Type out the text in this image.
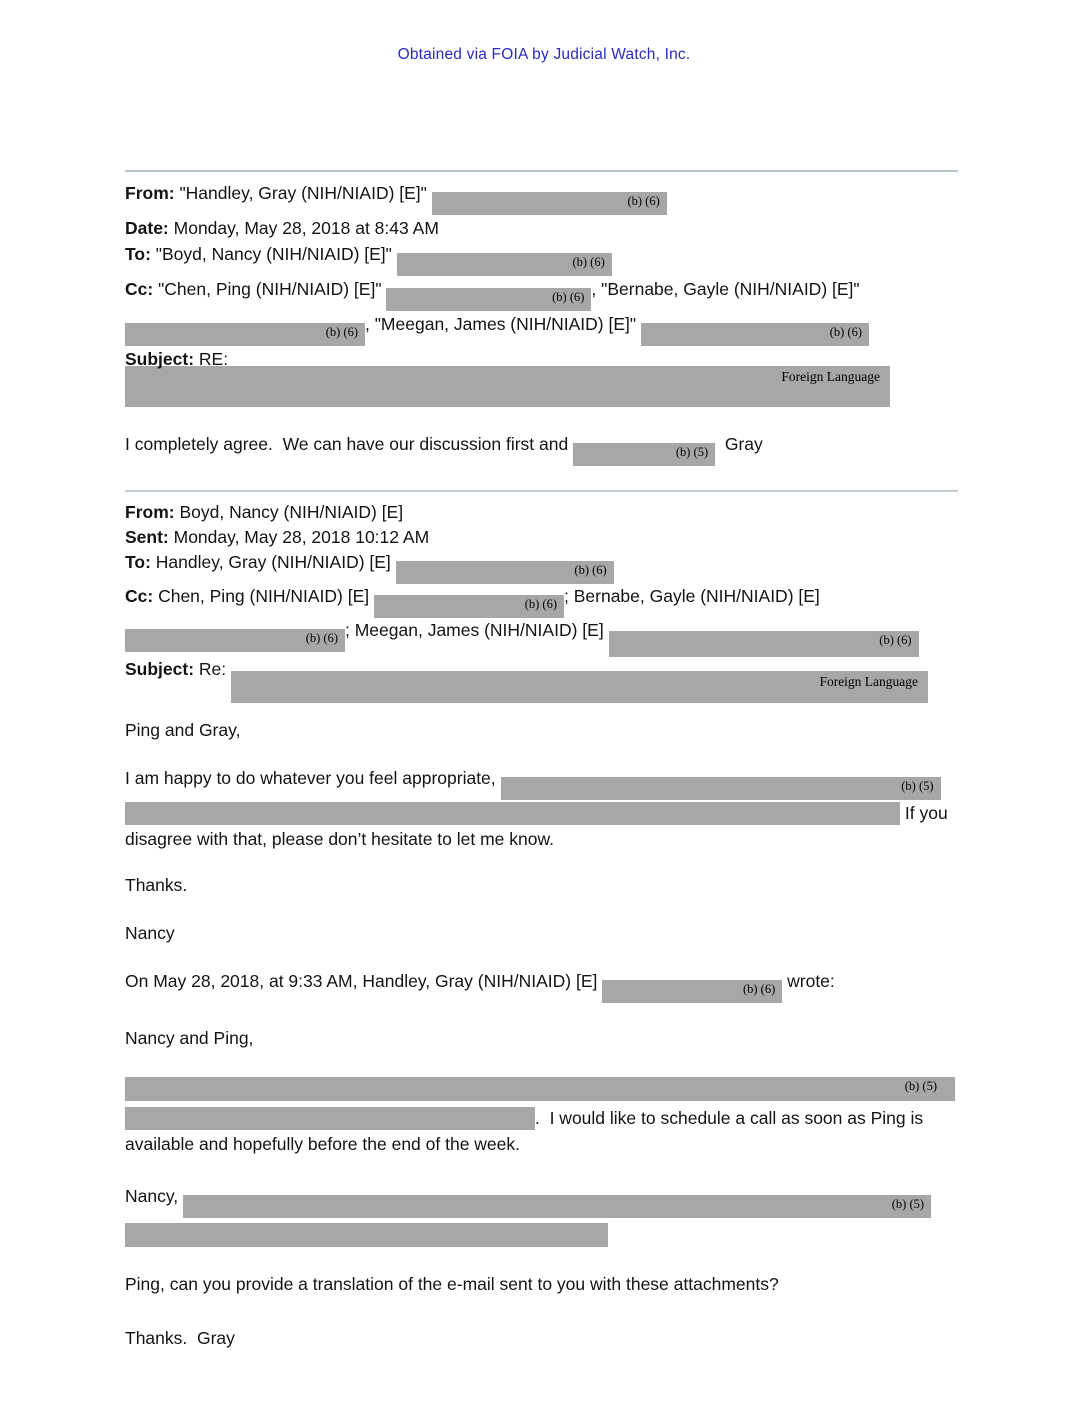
Obtained via FOIA by Judicial Watch, Inc.
From: "Handley, Gray (NIH/NIAID) [E]"	(b) (6)
Date: Monday, May 28, 2018 at 8:43 AM
To: "Boyd, Nancy (NIH/NIAID) [E]"	(b) (6)
Cc: "Chen, Ping (NIH/NIAID) [E]"	(b) (6) , "Bernabe, Gayle (NIH/NIAID) [E]"
(b) (6) , "Meegan, James (NIH/NIAID) [E]"	(b) (6)
Subject: RE:
Foreign Language
I completely agree.  We can have our discussion first and	(b) (5) Gray
From: Boyd, Nancy (NIH/NIAID) [E]
Sent: Monday, May 28, 2018 10:12 AM
To: Handley, Gray (NIH/NIAID) [E]	(b) (6)
Cc: Chen, Ping (NIH/NIAID) [E]	(b) (6) ; Bernabe, Gayle (NIH/NIAID) [E]
(b) (6) ; Meegan, James (NIH/NIAID) [E]	(b) (6)
Subject: Re:
Foreign Language
Ping and Gray,
I am happy to do whatever you feel appropriate,	(b) (5)

If you
disagree with that, please don’t hesitate to let me know.
Thanks.
Nancy
On May 28, 2018, at 9:33 AM, Handley, Gray (NIH/NIAID) [E]	(b) (6) wrote:
Nancy and Ping,
(b) (5)
.  I would like to schedule a call as soon as Ping is
available and hopefully before the end of the week.
Nancy,	(b) (5)
Ping, can you provide a translation of the e-mail sent to you with these attachments?
Thanks.  Gray
